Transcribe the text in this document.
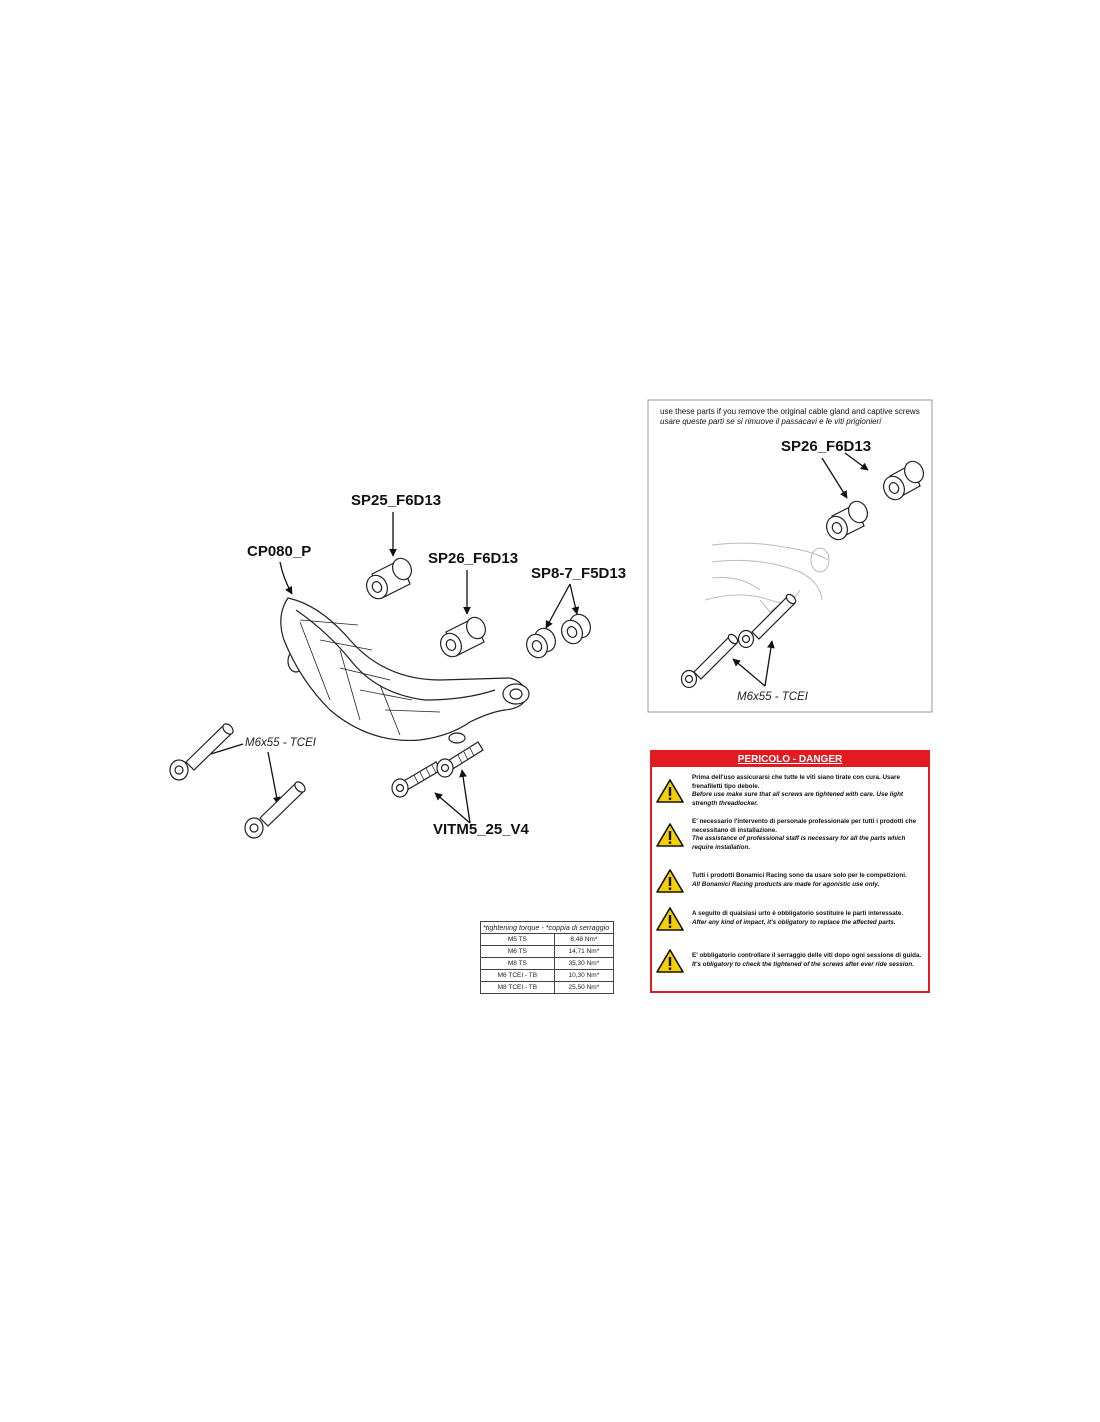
CP080_P
SP25_F6D13
SP26_F6D13
SP8-7_F5D13
M6x55 - TCEI
VITM5_25_V4
use these parts if you remove the original cable gland and captive screws
usare queste parti se si rimuove il passacavi e le viti prigionieri
SP26_F6D13
M6x55 - TCEI
*tightening torque - *coppia di serraggio	
M5 TS	8,48 Nm*
M6 TS	14,71 Nm*
M8 TS	35,30 Nm*
M6 TCEI - TB	10,30 Nm*
M8 TCEI - TB	25,50 Nm*
PERICOLO - DANGER
Prima dell'uso assicurarsi che tutte le viti siano tirate con cura. Usare frenafiletti tipo debole.
Before use make sure that all screws are tightened with care. Use light strength threadlocker.
E' necessario l'intervento di personale professionale per tutti i prodotti che necessitano di installazione.
The assistance of professional staff is necessary for all the parts which require installation.
Tutti i prodotti Bonamici Racing sono da usare solo per le competizioni.
All Bonamici Racing products are made for agonistic use only.
A seguito di qualsiasi urto è obbligatorio sostituire le parti interessate.
After any kind of impact, it's obligatory to replace the affected parts.
E' obbligatorio controllare il serraggio delle viti dopo ogni sessione di guida.
It's obligatory to check the tightened of the screws after ever ride session.
